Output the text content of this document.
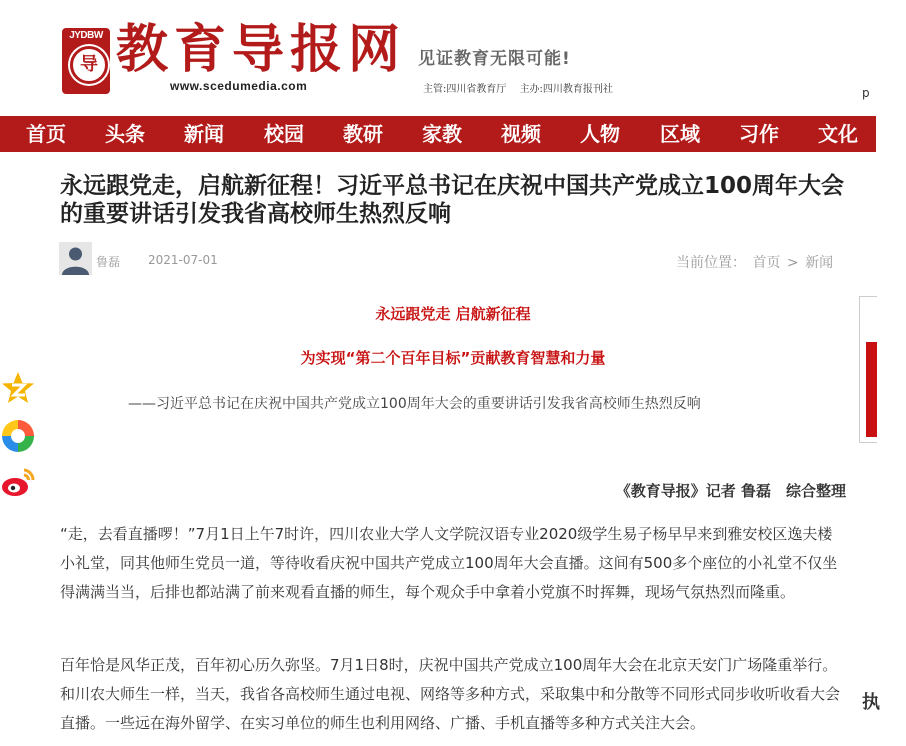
JYDBW
导 教育导报网
www.scedumedia.com
见证教育无限可能!
主管:四川省教育厅 主办:四川教育报刊社	p
首页 头条 新闻 校园 教研 家教 视频 人物 区域 习作 文化
永远跟党走，启航新征程！习近平总书记在庆祝中国共产党成立100周年大会的重要讲话引发我省高校师生热烈反响
鲁磊 2021-07-01	当前位置： 首页 > 新闻
永远跟党走 启航新征程
为实现“第二个百年目标”贡献教育智慧和力量
——习近平总书记在庆祝中国共产党成立100周年大会的重要讲话引发我省高校师生热烈反响
《教育导报》记者 鲁磊　综合整理
“走，去看直播啰！”7月1日上午7时许，四川农业大学人文学院汉语专业2020级学生易子杨早早来到雅安校区逸夫楼小礼堂，同其他师生党员一道，等待收看庆祝中国共产党成立100周年大会直播。这间有500多个座位的小礼堂不仅坐得满满当当，后排也都站满了前来观看直播的师生，每个观众手中拿着小党旗不时挥舞，现场气氛热烈而隆重。
百年恰是风华正茂，百年初心历久弥坚。7月1日8时，庆祝中国共产党成立100周年大会在北京天安门广场隆重举行。和川农大师生一样，当天，我省各高校师生通过电视、网络等多种方式，采取集中和分散等不同形式同步收听收看大会直播。一些远在海外留学、在实习单位的师生也利用网络、广播、手机直播等多种方式关注大会。
执
